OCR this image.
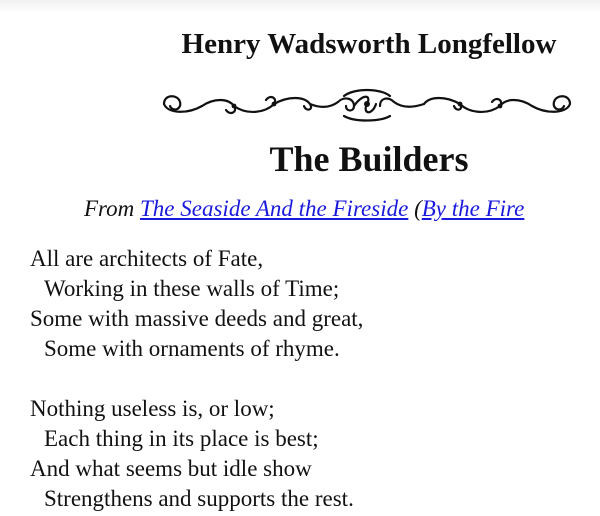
Henry Wadsworth Longfellow
The Builders
From The Seaside And the Fireside (By the Fire
All are architects of Fate,
Working in these walls of Time;
Some with massive deeds and great,
Some with ornaments of rhyme.
Nothing useless is, or low;
Each thing in its place is best;
And what seems but idle show
Strengthens and supports the rest.
